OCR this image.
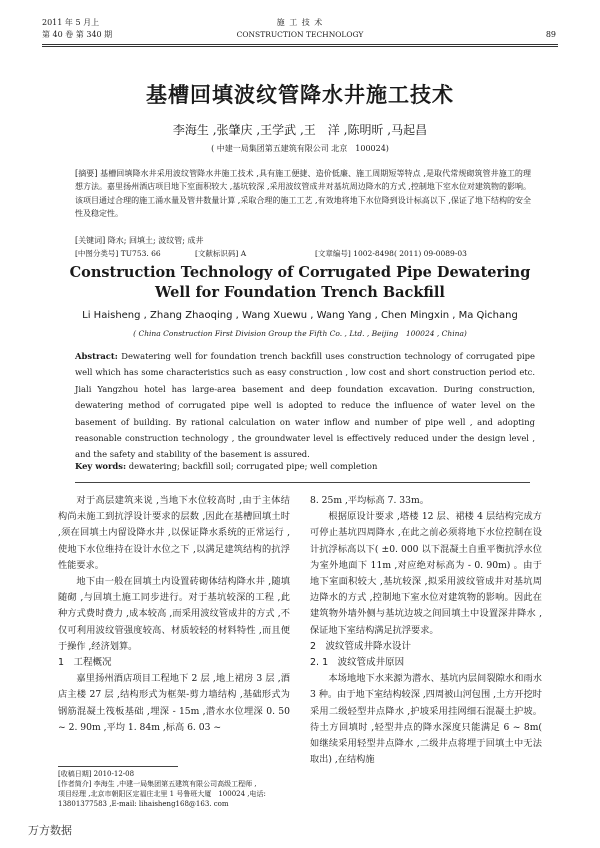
2011 年 5 月上
第 40 卷 第 340 期
施 工 技 术
CONSTRUCTION TECHNOLOGY	89
基槽回填波纹管降水井施工技术
李海生 ,张肇庆 ,王学武 ,王　洋 ,陈明昕 ,马起昌
( 中建一局集团第五建筑有限公司 北京　100024)
[摘要] 基槽回填降水井采用波纹管降水井施工技术 ,具有施工便捷、造价低廉、施工周期短等特点 ,是取代常规砌筑管井施工的理想方法。嘉里扬州酒店项目地下室面积较大 ,基坑较深 ,采用波纹管成井对基坑周边降水的方式 ,控制地下室水位对建筑物的影响。该项目通过合理的施工涌水量及管井数量计算 ,采取合理的施工工艺 ,有效地将地下水位降到设计标高以下 ,保证了地下结构的安全性及稳定性。
[关键词] 降水; 回填土; 波纹管; 成井
[中图分类号] TU753. 66	[文献标识码] A	[文章编号] 1002-8498( 2011) 09-0089-03
Construction Technology of Corrugated Pipe Dewatering
Well for Foundation Trench Backfill
Li Haisheng , Zhang Zhaoqing , Wang Xuewu , Wang Yang , Chen Mingxin , Ma Qichang
( China Construction First Division Group the Fifth Co. , Ltd. , Beijing　100024 , China)
Abstract: Dewatering well for foundation trench backfill uses construction technology of corrugated pipe well which has some characteristics such as easy construction , low cost and short construction period etc. Jiali Yangzhou hotel has large-area basement and deep foundation excavation. During construction, dewatering method of corrugated pipe well is adopted to reduce the influence of water level on the basement of building. By rational calculation on water inflow and number of pipe well , and adopting reasonable construction technology , the groundwater level is effectively reduced under the design level , and the safety and stability of the basement is assured.
Key words: dewatering; backfill soil; corrugated pipe; well completion

对于高层建筑来说 ,当地下水位较高时 ,由于主体结构尚未施工到抗浮设计要求的层数 ,因此在基槽回填土时 ,须在回填土内留设降水井 ,以保证降水系统的正常运行 ,使地下水位维持在设计水位之下 ,以满足建筑结构的抗浮性能要求。

地下由一般在回填土内设置砖砌体结构降水井 ,随填随砌 ,与回填土施工同步进行。对于基坑较深的工程 ,此种方式费时费力 ,成本较高 ,而采用波纹管成井的方式 ,不仅可利用波纹管强度较高、材质较轻的材料特性 ,而且便于操作 ,经济划算。

1　工程概况

嘉里扬州酒店项目工程地下 2 层 ,地上裙房 3 层 ,酒店主楼 27 层 ,结构形式为框架-剪力墙结构 ,基础形式为钢筋混凝土筏板基础 ,埋深 - 15m ,潜水水位埋深 0. 50 ~ 2. 90m ,平均 1. 84m ,标高 6. 03 ~

[收稿日期] 2010-12-08
[作者简介] 李海生 ,中建一局集团第五建筑有限公司高级工程师 ,
项目经理 ,北京市朝阳区定福庄北里 1 号鲁班大厦　100024 ,电话:
13801377583 ,E-mail: lihaisheng168@163. com

8. 25m ,平均标高 7. 33m。

根据原设计要求 ,塔楼 12 层、裙楼 4 层结构完成方可停止基坑四周降水 ,在此之前必须将地下水位控制在设计抗浮标高以下( ±0. 000 以下混凝土自重平衡抗浮水位为室外地面下 11m ,对应绝对标高为 - 0. 90m) 。由于地下室面积较大 ,基坑较深 ,拟采用波纹管成井对基坑周边降水的方式 ,控制地下室水位对建筑物的影响。因此在建筑物外墙外侧与基坑边坡之间回填土中设置深井降水 ,保证地下室结构满足抗浮要求。

2　波纹管成井降水设计

2. 1　波纹管成井原因

本场地地下水来源为潜水、基坑内层间裂隙水和雨水 3 种。由于地下室结构较深 ,四周被山河包围 ,土方开挖时采用二级轻型井点降水 ,护坡采用挂网细石混凝土护坡。待土方回填时 ,轻型井点的降水深度只能满足 6 ~ 8m( 如继续采用轻型井点降水 ,二级井点将埋于回填土中无法取出) ,在结构施

万方数据
